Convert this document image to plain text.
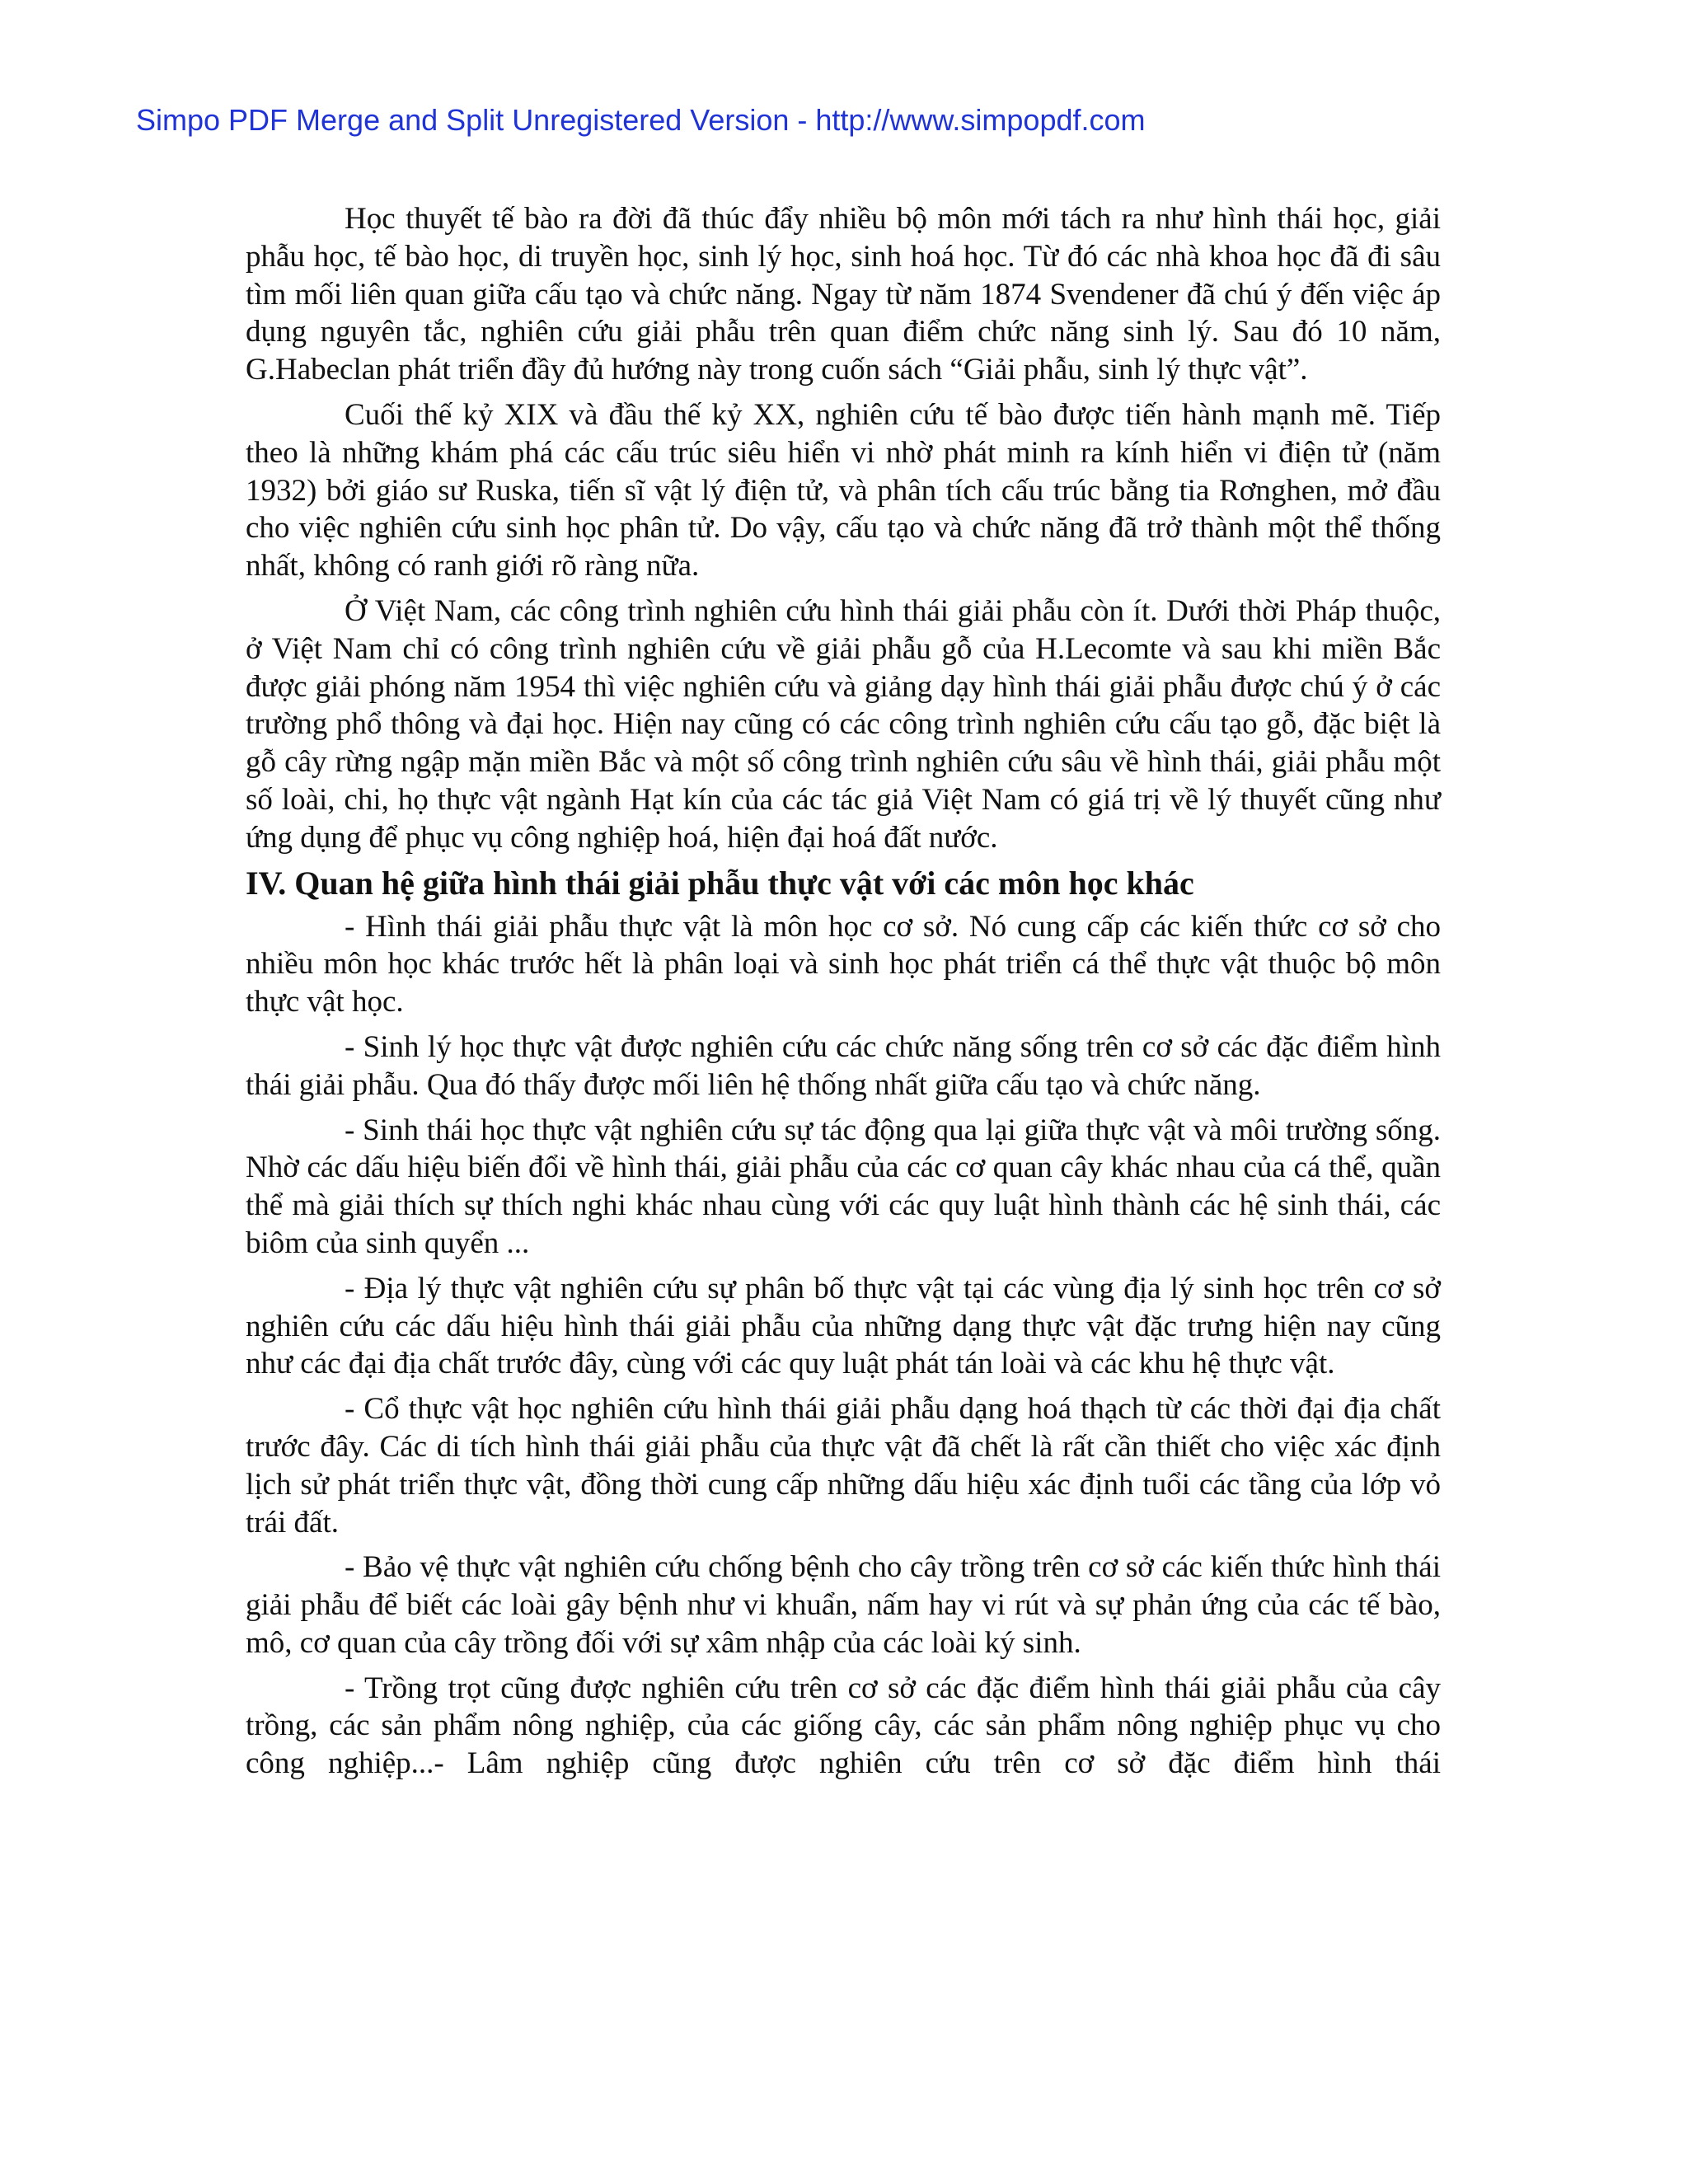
Simpo PDF Merge and Split Unregistered Version - http://www.simpopdf.com

Học thuyết tế bào ra đời đã thúc đẩy nhiều bộ môn mới tách ra như hình thái học, giải phẫu học, tế bào học, di truyền học, sinh lý học, sinh hoá học. Từ đó các nhà khoa học đã đi sâu tìm mối liên quan giữa cấu tạo và chức năng. Ngay từ năm 1874 Svendener đã chú ý đến việc áp dụng nguyên tắc, nghiên cứu giải phẫu trên quan điểm chức năng sinh lý. Sau đó 10 năm, G.Habeclan phát triển đầy đủ hướng này trong cuốn sách “Giải phẫu, sinh lý thực vật”.

Cuối thế kỷ XIX và đầu thế kỷ XX, nghiên cứu tế bào được tiến hành mạnh mẽ. Tiếp theo là những khám phá các cấu trúc siêu hiển vi nhờ phát minh ra kính hiển vi điện tử (năm 1932) bởi giáo sư Ruska, tiến sĩ vật lý điện tử, và phân tích cấu trúc bằng tia Rơnghen, mở đầu cho việc nghiên cứu sinh học phân tử. Do vậy, cấu tạo và chức năng đã trở thành một thể thống nhất, không có ranh giới rõ ràng nữa.

Ở Việt Nam, các công trình nghiên cứu hình thái giải phẫu còn ít. Dưới thời Pháp thuộc, ở Việt Nam chỉ có công trình nghiên cứu về giải phẫu gỗ của H.Lecomte và sau khi miền Bắc được giải phóng năm 1954 thì việc nghiên cứu và giảng dạy hình thái giải phẫu được chú ý ở các trường phổ thông và đại học. Hiện nay cũng có các công trình nghiên cứu cấu tạo gỗ, đặc biệt là gỗ cây rừng ngập mặn miền Bắc và một số công trình nghiên cứu sâu về hình thái, giải phẫu một số loài, chi, họ thực vật ngành Hạt kín của các tác giả Việt Nam có giá trị về lý thuyết cũng như ứng dụng để phục vụ công nghiệp hoá, hiện đại hoá đất nước.

IV. Quan hệ giữa hình thái giải phẫu thực vật với các môn học khác

- Hình thái giải phẫu thực vật là môn học cơ sở. Nó cung cấp các kiến thức cơ sở cho nhiều môn học khác trước hết là phân loại và sinh học phát triển cá thể thực vật thuộc bộ môn thực vật học.

- Sinh lý học thực vật được nghiên cứu các chức năng sống trên cơ sở các đặc điểm hình thái giải phẫu. Qua đó thấy được mối liên hệ thống nhất giữa cấu tạo và chức năng.

- Sinh thái học thực vật nghiên cứu sự tác động qua lại giữa thực vật và môi trường sống. Nhờ các dấu hiệu biến đổi về hình thái, giải phẫu của các cơ quan cây khác nhau của cá thể, quần thể mà giải thích sự thích nghi khác nhau cùng với các quy luật hình thành các hệ sinh thái, các biôm của sinh quyển ...

- Địa lý thực vật nghiên cứu sự phân bố thực vật tại các vùng địa lý sinh học trên cơ sở nghiên cứu các dấu hiệu hình thái giải phẫu của những dạng thực vật đặc trưng hiện nay cũng như các đại địa chất trước đây, cùng với các quy luật phát tán loài và các khu hệ thực vật.

- Cổ thực vật học nghiên cứu hình thái giải phẫu dạng hoá thạch từ các thời đại địa chất trước đây. Các di tích hình thái giải phẫu của thực vật đã chết là rất cần thiết cho việc xác định lịch sử phát triển thực vật, đồng thời cung cấp những dấu hiệu xác định tuổi các tầng của lớp vỏ trái đất.

- Bảo vệ thực vật nghiên cứu chống bệnh cho cây trồng trên cơ sở các kiến thức hình thái giải phẫu để biết các loài gây bệnh như vi khuẩn, nấm hay vi rút và sự phản ứng của các tế bào, mô, cơ quan của cây trồng đối với sự xâm nhập của các loài ký sinh.

- Trồng trọt cũng được nghiên cứu trên cơ sở các đặc điểm hình thái giải phẫu của cây trồng, các sản phẩm nông nghiệp, của các giống cây, các sản phẩm nông nghiệp phục vụ cho công nghiệp...- Lâm nghiệp cũng được nghiên cứu trên cơ sở đặc điểm hình thái
